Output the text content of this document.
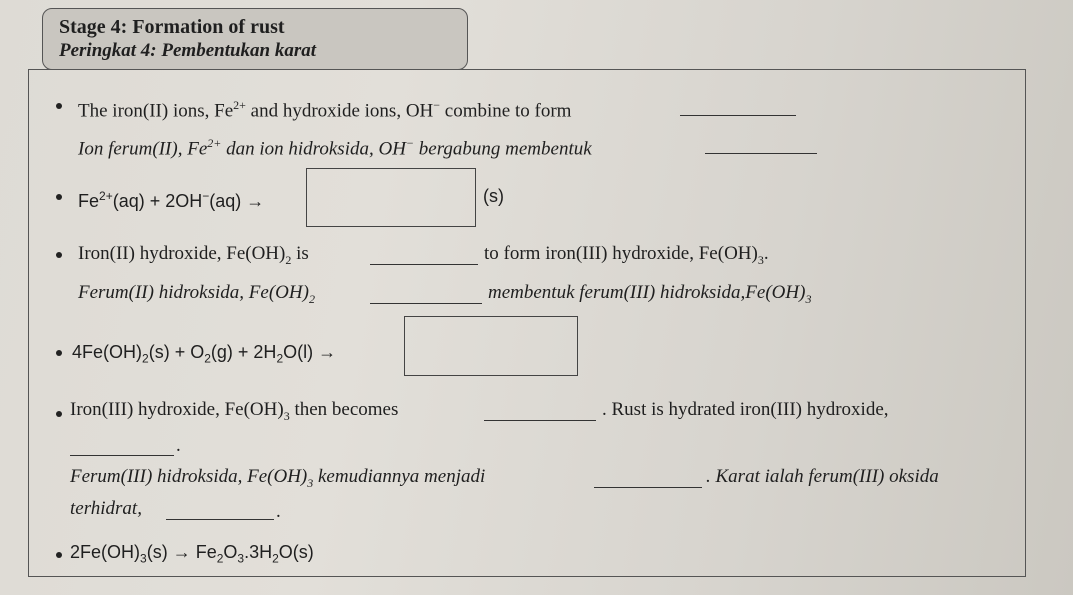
Stage 4: Formation of rust
Peringkat 4: Pembentukan karat
The iron(II) ions, $Fe^{2+}$ and hydroxide ions, OH− combine to form
Ion ferum(II), $Fe^{2+}$ dan ion hidroksida, OH− bergabung membentuk
$Fe^{2+}(aq) + 2OH^-(aq)$ →	(s)
Iron(II) hydroxide, $Fe(OH)_2$ is	to form iron(III) hydroxide, $Fe(OH)_3$.
Ferum(II) hidroksida, $Fe(OH)_2$	membentuk ferum(III) $hidroksida,Fe(OH)_3$
$4Fe(OH)_2(s) + O_2(g) + 2H_2O(l)$ →
Iron(III) hydroxide, $Fe(OH)_3$ then becomes	. Rust is hydrated iron(III) hydroxide,
.
Ferum(III) hidroksida, $Fe(OH)_3$ kemudiannya menjadi	. Karat ialah ferum(III) oksida
terhidrat,	.
$2Fe(OH)_3(s) \to Fe_2O_3.3H_2O(s)$
